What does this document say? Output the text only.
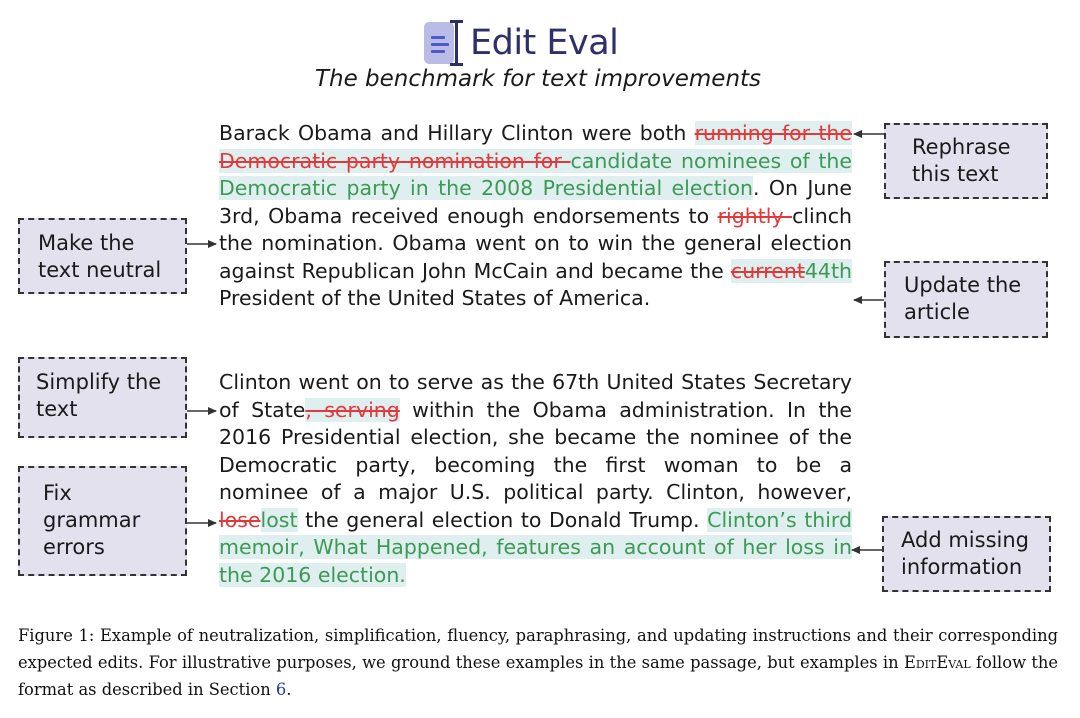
Edit Eval
The benchmark for text improvements
Barack Obama and Hillary Clinton were both running for the Democratic party nomination for candidate nominees of the Democratic party in the 2008 Presidential election. On June 3rd, Obama received enough endorsements to rightly clinch the nomination. Obama went on to win the general election against Republican John McCain and became the current44th President of the United States of America.
Clinton went on to serve as the 67th United States Secretary of State, serving within the Obama administration. In the 2016 Presidential election, she became the nominee of the Democratic party, becoming the first woman to be a nominee of a major U.S. political party. Clinton, however, loselost the general election to Donald Trump. Clinton’s third memoir, What Happened, features an account of her loss in the 2016 election.
Rephrase
this text
Make the
text neutral
Update the
article
Simplify the
text
Fix
grammar
errors	Add missing
information
Figure 1: Example of neutralization, simplification, fluency, paraphrasing, and updating instructions and their corresponding expected edits. For illustrative purposes, we ground these examples in the same passage, but examples in EditEval follow the format as described in Section 6.
